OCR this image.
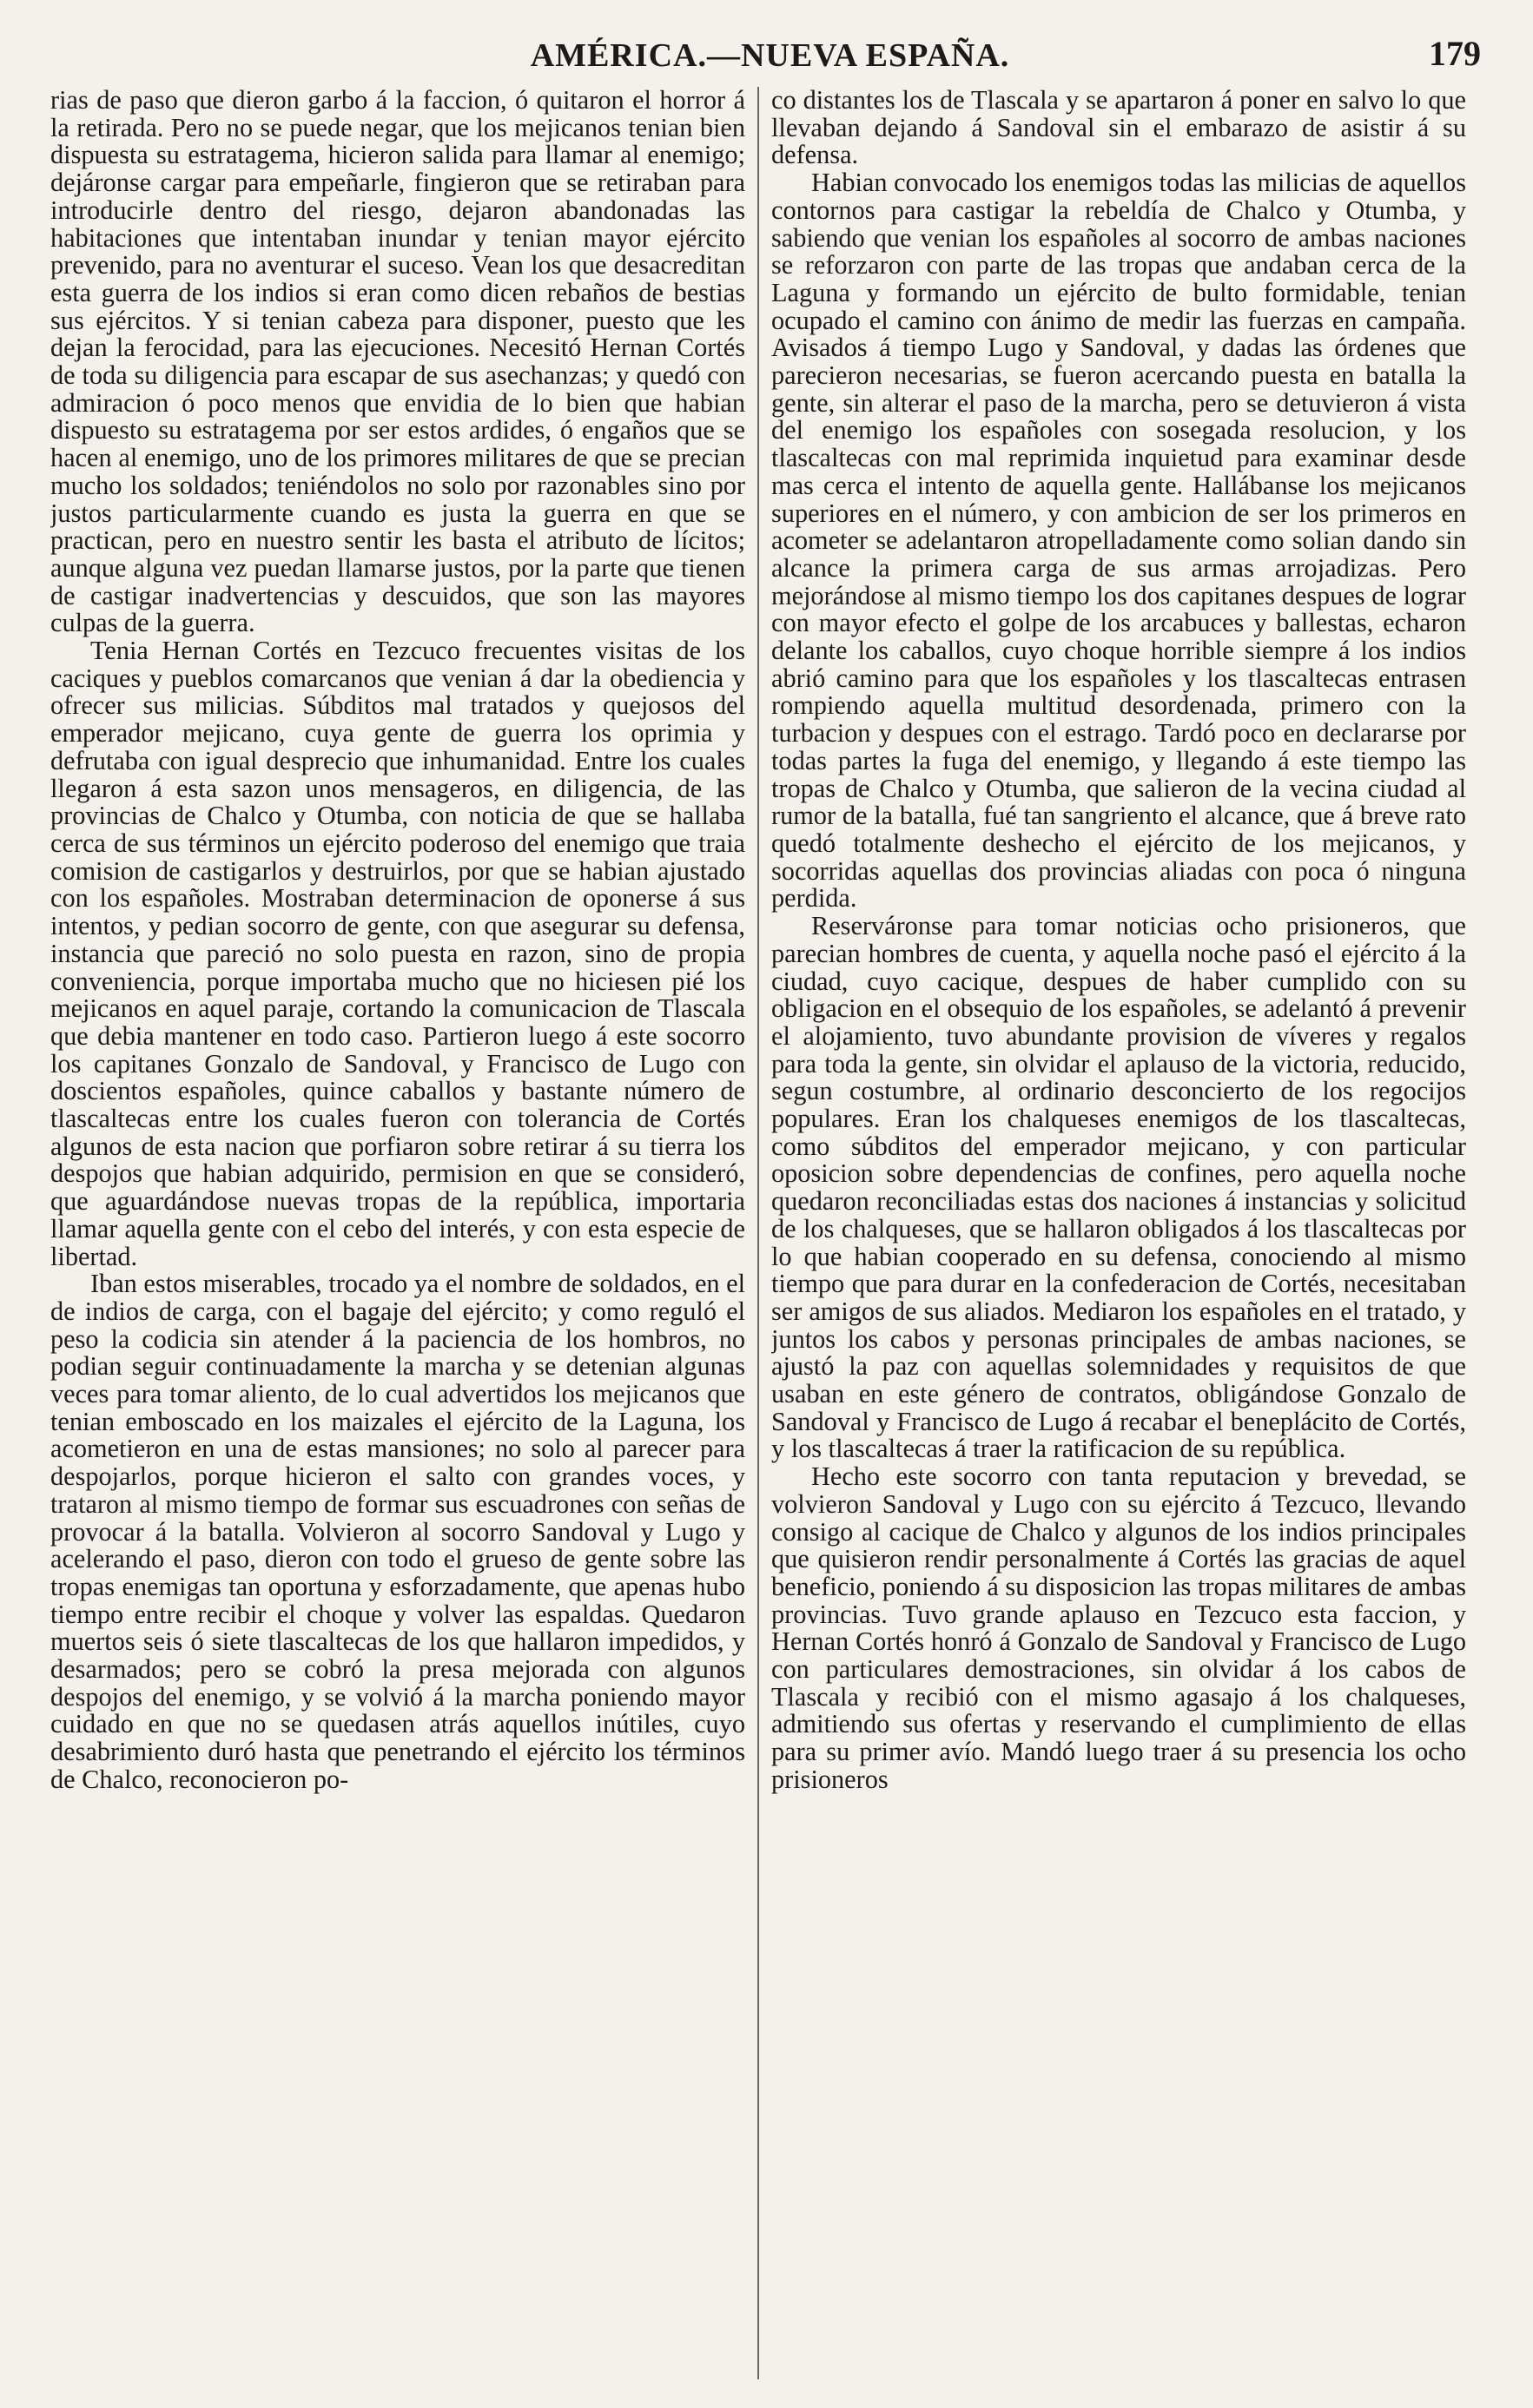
AMÉRICA.—NUEVA ESPAÑA.	179

rias de paso que dieron garbo á la faccion, ó quitaron el horror á la retirada. Pero no se puede negar, que los mejicanos tenian bien dispuesta su estratagema, hicieron salida para llamar al enemigo; dejáronse cargar para empeñarle, fingieron que se retiraban para introducirle dentro del riesgo, dejaron abandonadas las habitaciones que intentaban inundar y tenian mayor ejército prevenido, para no aventurar el suceso. Vean los que desacreditan esta guerra de los indios si eran como dicen rebaños de bestias sus ejércitos. Y si tenian cabeza para disponer, puesto que les dejan la ferocidad, para las ejecuciones. Necesitó Hernan Cortés de toda su diligencia para escapar de sus asechanzas; y quedó con admiracion ó poco menos que envidia de lo bien que habian dispuesto su estratagema por ser estos ardides, ó engaños que se hacen al enemigo, uno de los primores militares de que se precian mucho los soldados; teniéndolos no solo por razonables sino por justos particularmente cuando es justa la guerra en que se practican, pero en nuestro sentir les basta el atributo de lícitos; aunque alguna vez puedan llamarse justos, por la parte que tienen de castigar inadvertencias y descuidos, que son las mayores culpas de la guerra.

Tenia Hernan Cortés en Tezcuco frecuentes visitas de los caciques y pueblos comarcanos que venian á dar la obediencia y ofrecer sus milicias. Súbditos mal tratados y quejosos del emperador mejicano, cuya gente de guerra los oprimia y defrutaba con igual desprecio que inhumanidad. Entre los cuales llegaron á esta sazon unos mensageros, en diligencia, de las provincias de Chalco y Otumba, con noticia de que se hallaba cerca de sus términos un ejército poderoso del enemigo que traia comision de castigarlos y destruirlos, por que se habian ajustado con los españoles. Mostraban determinacion de oponerse á sus intentos, y pedian socorro de gente, con que asegurar su defensa, instancia que pareció no solo puesta en razon, sino de propia conveniencia, porque importaba mucho que no hiciesen pié los mejicanos en aquel paraje, cortando la comunicacion de Tlascala que debia mantener en todo caso. Partieron luego á este socorro los capitanes Gonzalo de Sandoval, y Francisco de Lugo con doscientos españoles, quince caballos y bastante número de tlascaltecas entre los cuales fueron con tolerancia de Cortés algunos de esta nacion que porfiaron sobre retirar á su tierra los despojos que habian adquirido, permision en que se consideró, que aguardándose nuevas tropas de la república, importaria llamar aquella gente con el cebo del interés, y con esta especie de libertad.

Iban estos miserables, trocado ya el nombre de soldados, en el de indios de carga, con el bagaje del ejército; y como reguló el peso la codicia sin atender á la paciencia de los hombros, no podian seguir continuadamente la marcha y se detenian algunas veces para tomar aliento, de lo cual advertidos los mejicanos que tenian emboscado en los maizales el ejército de la Laguna, los acometieron en una de estas mansiones; no solo al parecer para despojarlos, porque hicieron el salto con grandes voces, y trataron al mismo tiempo de formar sus escuadrones con señas de provocar á la batalla. Volvieron al socorro Sandoval y Lugo y acelerando el paso, dieron con todo el grueso de gente sobre las tropas enemigas tan oportuna y esforzadamente, que apenas hubo tiempo entre recibir el choque y volver las espaldas. Quedaron muertos seis ó siete tlascaltecas de los que hallaron impedidos, y desarmados; pero se cobró la presa mejorada con algunos despojos del enemigo, y se volvió á la marcha poniendo mayor cuidado en que no se quedasen atrás aquellos inútiles, cuyo desabrimiento duró hasta que penetrando el ejército los términos de Chalco, reconocieron po-

co distantes los de Tlascala y se apartaron á poner en salvo lo que llevaban dejando á Sandoval sin el embarazo de asistir á su defensa.

Habian convocado los enemigos todas las milicias de aquellos contornos para castigar la rebeldía de Chalco y Otumba, y sabiendo que venian los españoles al socorro de ambas naciones se reforzaron con parte de las tropas que andaban cerca de la Laguna y formando un ejército de bulto formidable, tenian ocupado el camino con ánimo de medir las fuerzas en campaña. Avisados á tiempo Lugo y Sandoval, y dadas las órdenes que parecieron necesarias, se fueron acercando puesta en batalla la gente, sin alterar el paso de la marcha, pero se detuvieron á vista del enemigo los españoles con sosegada resolucion, y los tlascaltecas con mal reprimida inquietud para examinar desde mas cerca el intento de aquella gente. Hallábanse los mejicanos superiores en el número, y con ambicion de ser los primeros en acometer se adelantaron atropelladamente como solian dando sin alcance la primera carga de sus armas arrojadizas. Pero mejorándose al mismo tiempo los dos capitanes despues de lograr con mayor efecto el golpe de los arcabuces y ballestas, echaron delante los caballos, cuyo choque horrible siempre á los indios abrió camino para que los españoles y los tlascaltecas entrasen rompiendo aquella multitud desordenada, primero con la turbacion y despues con el estrago. Tardó poco en declararse por todas partes la fuga del enemigo, y llegando á este tiempo las tropas de Chalco y Otumba, que salieron de la vecina ciudad al rumor de la batalla, fué tan sangriento el alcance, que á breve rato quedó totalmente deshecho el ejército de los mejicanos, y socorridas aquellas dos provincias aliadas con poca ó ninguna perdida.

Reserváronse para tomar noticias ocho prisioneros, que parecian hombres de cuenta, y aquella noche pasó el ejército á la ciudad, cuyo cacique, despues de haber cumplido con su obligacion en el obsequio de los españoles, se adelantó á prevenir el alojamiento, tuvo abundante provision de víveres y regalos para toda la gente, sin olvidar el aplauso de la victoria, reducido, segun costumbre, al ordinario desconcierto de los regocijos populares. Eran los chalqueses enemigos de los tlascaltecas, como súbditos del emperador mejicano, y con particular oposicion sobre dependencias de confines, pero aquella noche quedaron reconciliadas estas dos naciones á instancias y solicitud de los chalqueses, que se hallaron obligados á los tlascaltecas por lo que habian cooperado en su defensa, conociendo al mismo tiempo que para durar en la confederacion de Cortés, necesitaban ser amigos de sus aliados. Mediaron los españoles en el tratado, y juntos los cabos y personas principales de ambas naciones, se ajustó la paz con aquellas solemnidades y requisitos de que usaban en este género de contratos, obligándose Gonzalo de Sandoval y Francisco de Lugo á recabar el beneplácito de Cortés, y los tlascaltecas á traer la ratificacion de su república.

Hecho este socorro con tanta reputacion y brevedad, se volvieron Sandoval y Lugo con su ejército á Tezcuco, llevando consigo al cacique de Chalco y algunos de los indios principales que quisieron rendir personalmente á Cortés las gracias de aquel beneficio, poniendo á su disposicion las tropas militares de ambas provincias. Tuvo grande aplauso en Tezcuco esta faccion, y Hernan Cortés honró á Gonzalo de Sandoval y Francisco de Lugo con particulares demostraciones, sin olvidar á los cabos de Tlascala y recibió con el mismo agasajo á los chalqueses, admitiendo sus ofertas y reservando el cumplimiento de ellas para su primer avío. Mandó luego traer á su presencia los ocho prisioneros
